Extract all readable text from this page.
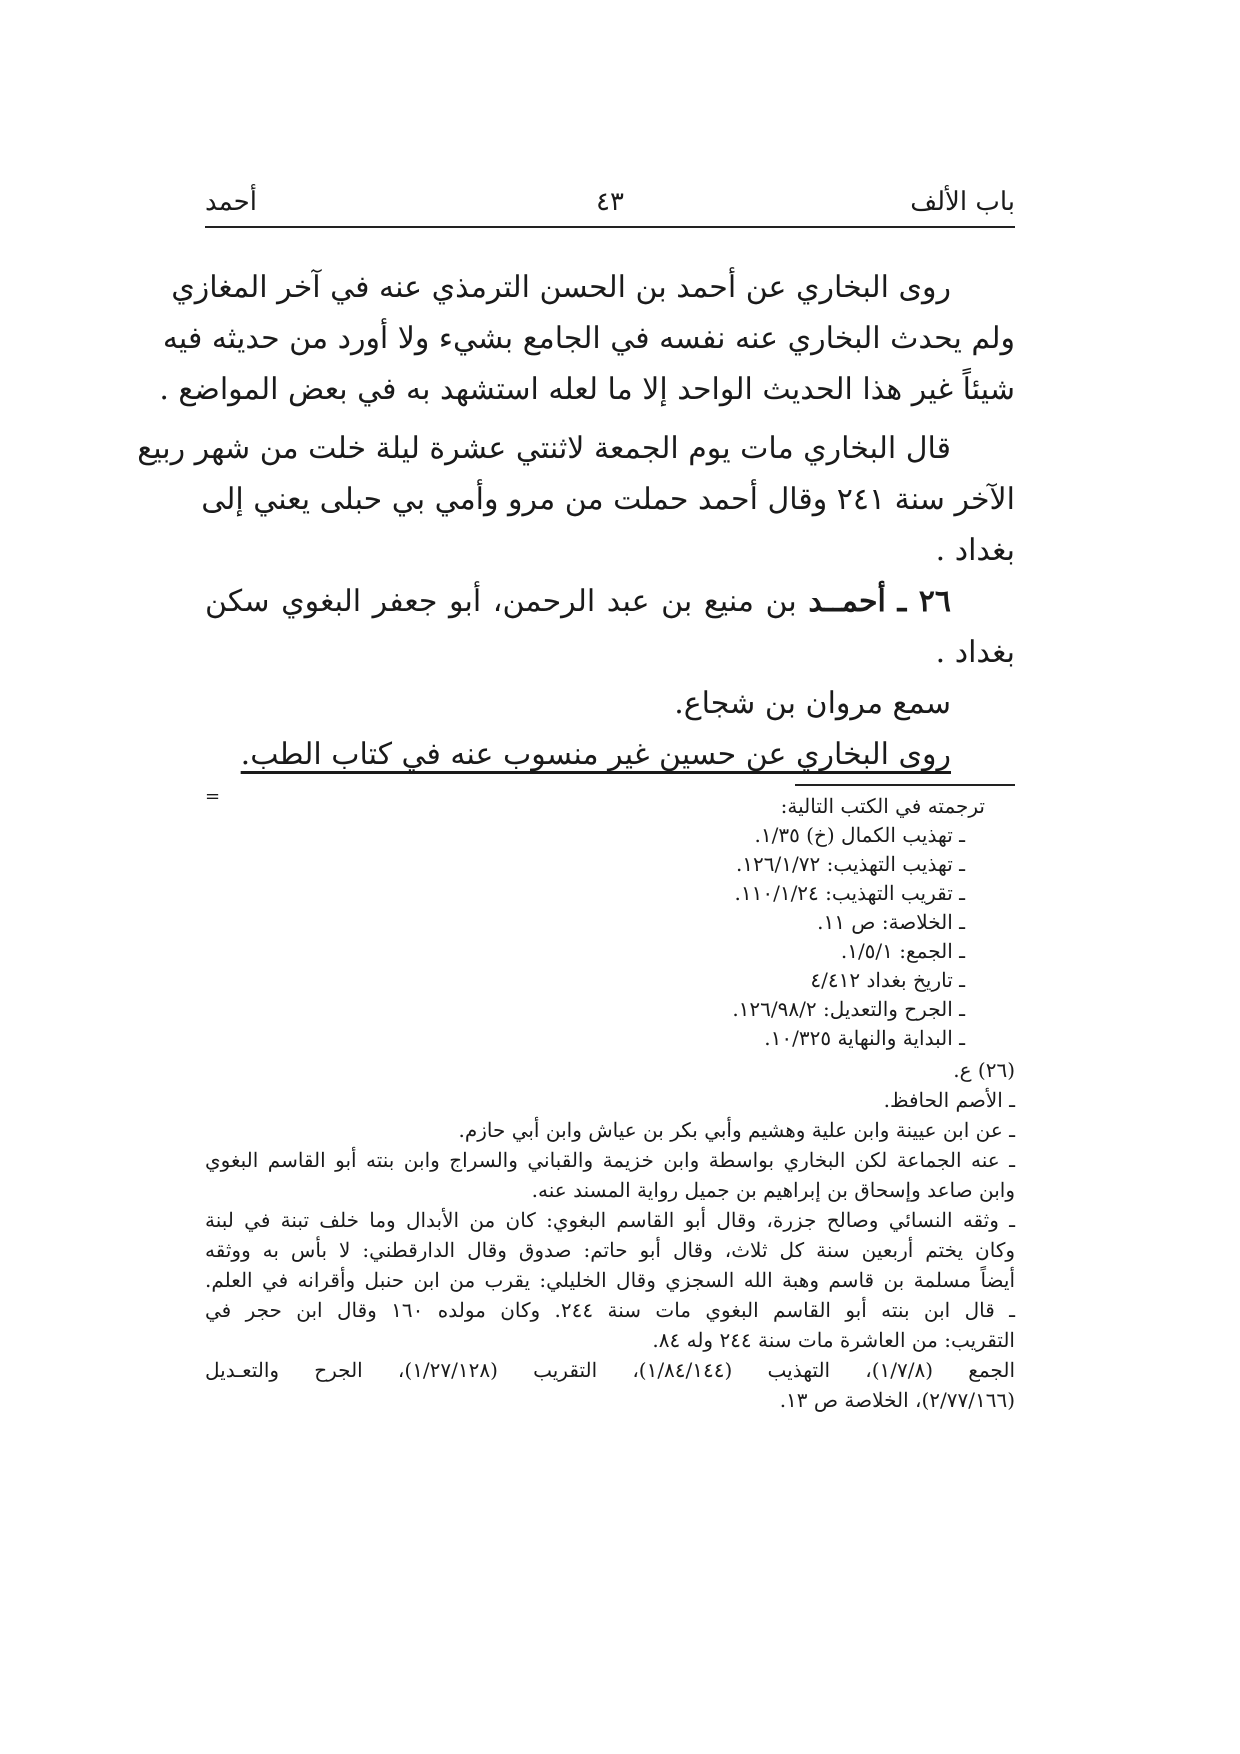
باب الألف
٤٣
أحمد
روى البخاري عن أحمد بن الحسن الترمذي عنه في آخر المغازي
ولم يحدث البخاري عنه نفسه في الجامع بشيء ولا أورد من حديثه فيه
شيئاً غير هذا الحديث الواحد إلا ما لعله استشهد به في بعض المواضع .
قال البخاري مات يوم الجمعة لاثنتي عشرة ليلة خلت من شهر ربيع
الآخر سنة ٢٤١ وقال أحمد حملت من مرو وأمي بي حبلى يعني إلى
بغداد .
٢٦ ـ أحمــد بن منيع بن عبد الرحمن، أبو جعفر البغوي سكن
بغداد .
سمع مروان بن شجاع.
روى البخاري عن حسين غير منسوب عنه في كتاب الطب.
=	ترجمته في الكتب التالية:
ـ تهذيب الكمال (خ) ١/٣٥.
ـ تهذيب التهذيب: ١٢٦/١/٧٢.
ـ تقريب التهذيب: ١١٠/١/٢٤.
ـ الخلاصة: ص ١١.
ـ الجمع: ١/٥/١.
ـ تاريخ بغداد ٤/٤١٢
ـ الجرح والتعديل: ١٢٦/٩٨/٢.
ـ البداية والنهاية ١٠/٣٢٥.
(٢٦) ع.
ـ الأصم الحافظ.
ـ عن ابن عيينة وابن علية وهشيم وأبي بكر بن عياش وابن أبي حازم.
ـ عنه الجماعة لكن البخاري بواسطة وابن خزيمة والقباني والسراج وابن بنته أبو القاسم البغوي
وابن صاعد وإسحاق بن إبراهيم بن جميل رواية المسند عنه.
ـ وثقه النسائي وصالح جزرة، وقال أبو القاسم البغوي: كان من الأبدال وما خلف تبنة في لبنة
وكان يختم أربعين سنة كل ثلاث، وقال أبو حاتم: صدوق وقال الدارقطني: لا بأس به ووثقه
أيضاً مسلمة بن قاسم وهبة الله السجزي وقال الخليلي: يقرب من ابن حنبل وأقرانه في العلم.
ـ قال ابن بنته أبو القاسم البغوي مات سنة ٢٤٤. وكان مولده ١٦٠ وقال ابن حجر في
التقريب: من العاشرة مات سنة ٢٤٤ وله ٨٤.
الجمع (١/٧/٨)، التهذيب (١/٨٤/١٤٤)، التقريب (١/٢٧/١٢٨)، الجرح والتعـديل
(٢/٧٧/١٦٦)، الخلاصة ص ١٣.
